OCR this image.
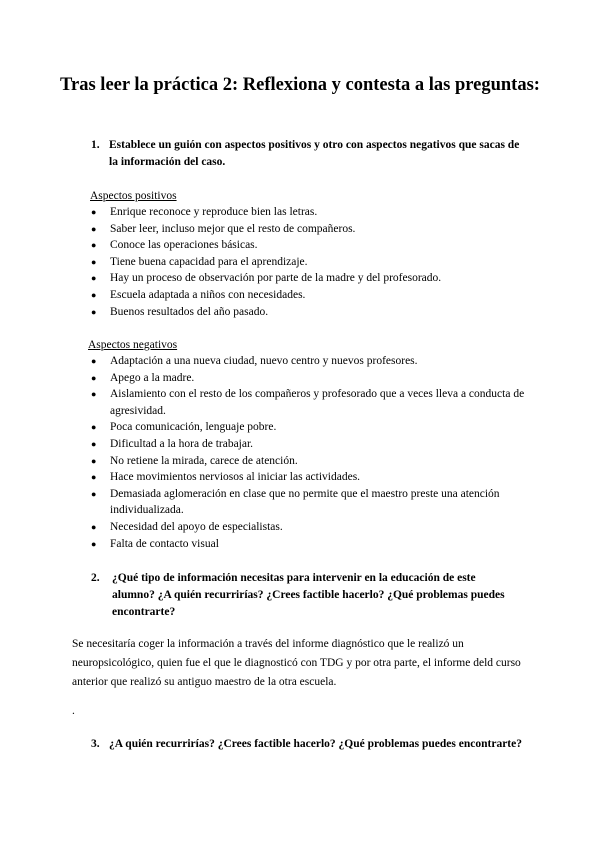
Tras leer la práctica 2: Reflexiona y contesta a las preguntas:
1. Establece un guión con aspectos positivos y otro con aspectos negativos que sacas de la información del caso.
Aspectos positivos
● Enrique reconoce y reproduce bien las letras.
● Saber leer, incluso mejor que el resto de compañeros.
● Conoce las operaciones básicas.
● Tiene buena capacidad para el aprendizaje.
● Hay un proceso de observación por parte de la madre y del profesorado.
● Escuela adaptada a niños con necesidades.
● Buenos resultados del año pasado.
Aspectos negativos
● Adaptación a una nueva ciudad, nuevo centro y nuevos profesores.
● Apego a la madre.
● Aislamiento con el resto de los compañeros y profesorado que a veces lleva a conducta de agresividad.
● Poca comunicación, lenguaje pobre.
● Dificultad a la hora de trabajar.
● No retiene la mirada, carece de atención.
● Hace movimientos nerviosos al iniciar las actividades.
● Demasiada aglomeración en clase que no permite que el maestro preste una atención individualizada.
● Necesidad del apoyo de especialistas.
● Falta de contacto visual
2.	¿Qué tipo de información necesitas para intervenir en la educación de este alumno? ¿A quién recurrirías? ¿Crees factible hacerlo? ¿Qué problemas puedes encontrarte?
Se necesitaría coger la información a través del informe diagnóstico que le realizó un neuropsicológico, quien fue el que le diagnosticó con TDG y por otra parte, el informe deld curso anterior que realizó su antiguo maestro de la otra escuela.
.
3. ¿A quién recurrirías? ¿Crees factible hacerlo? ¿Qué problemas puedes encontrarte?
